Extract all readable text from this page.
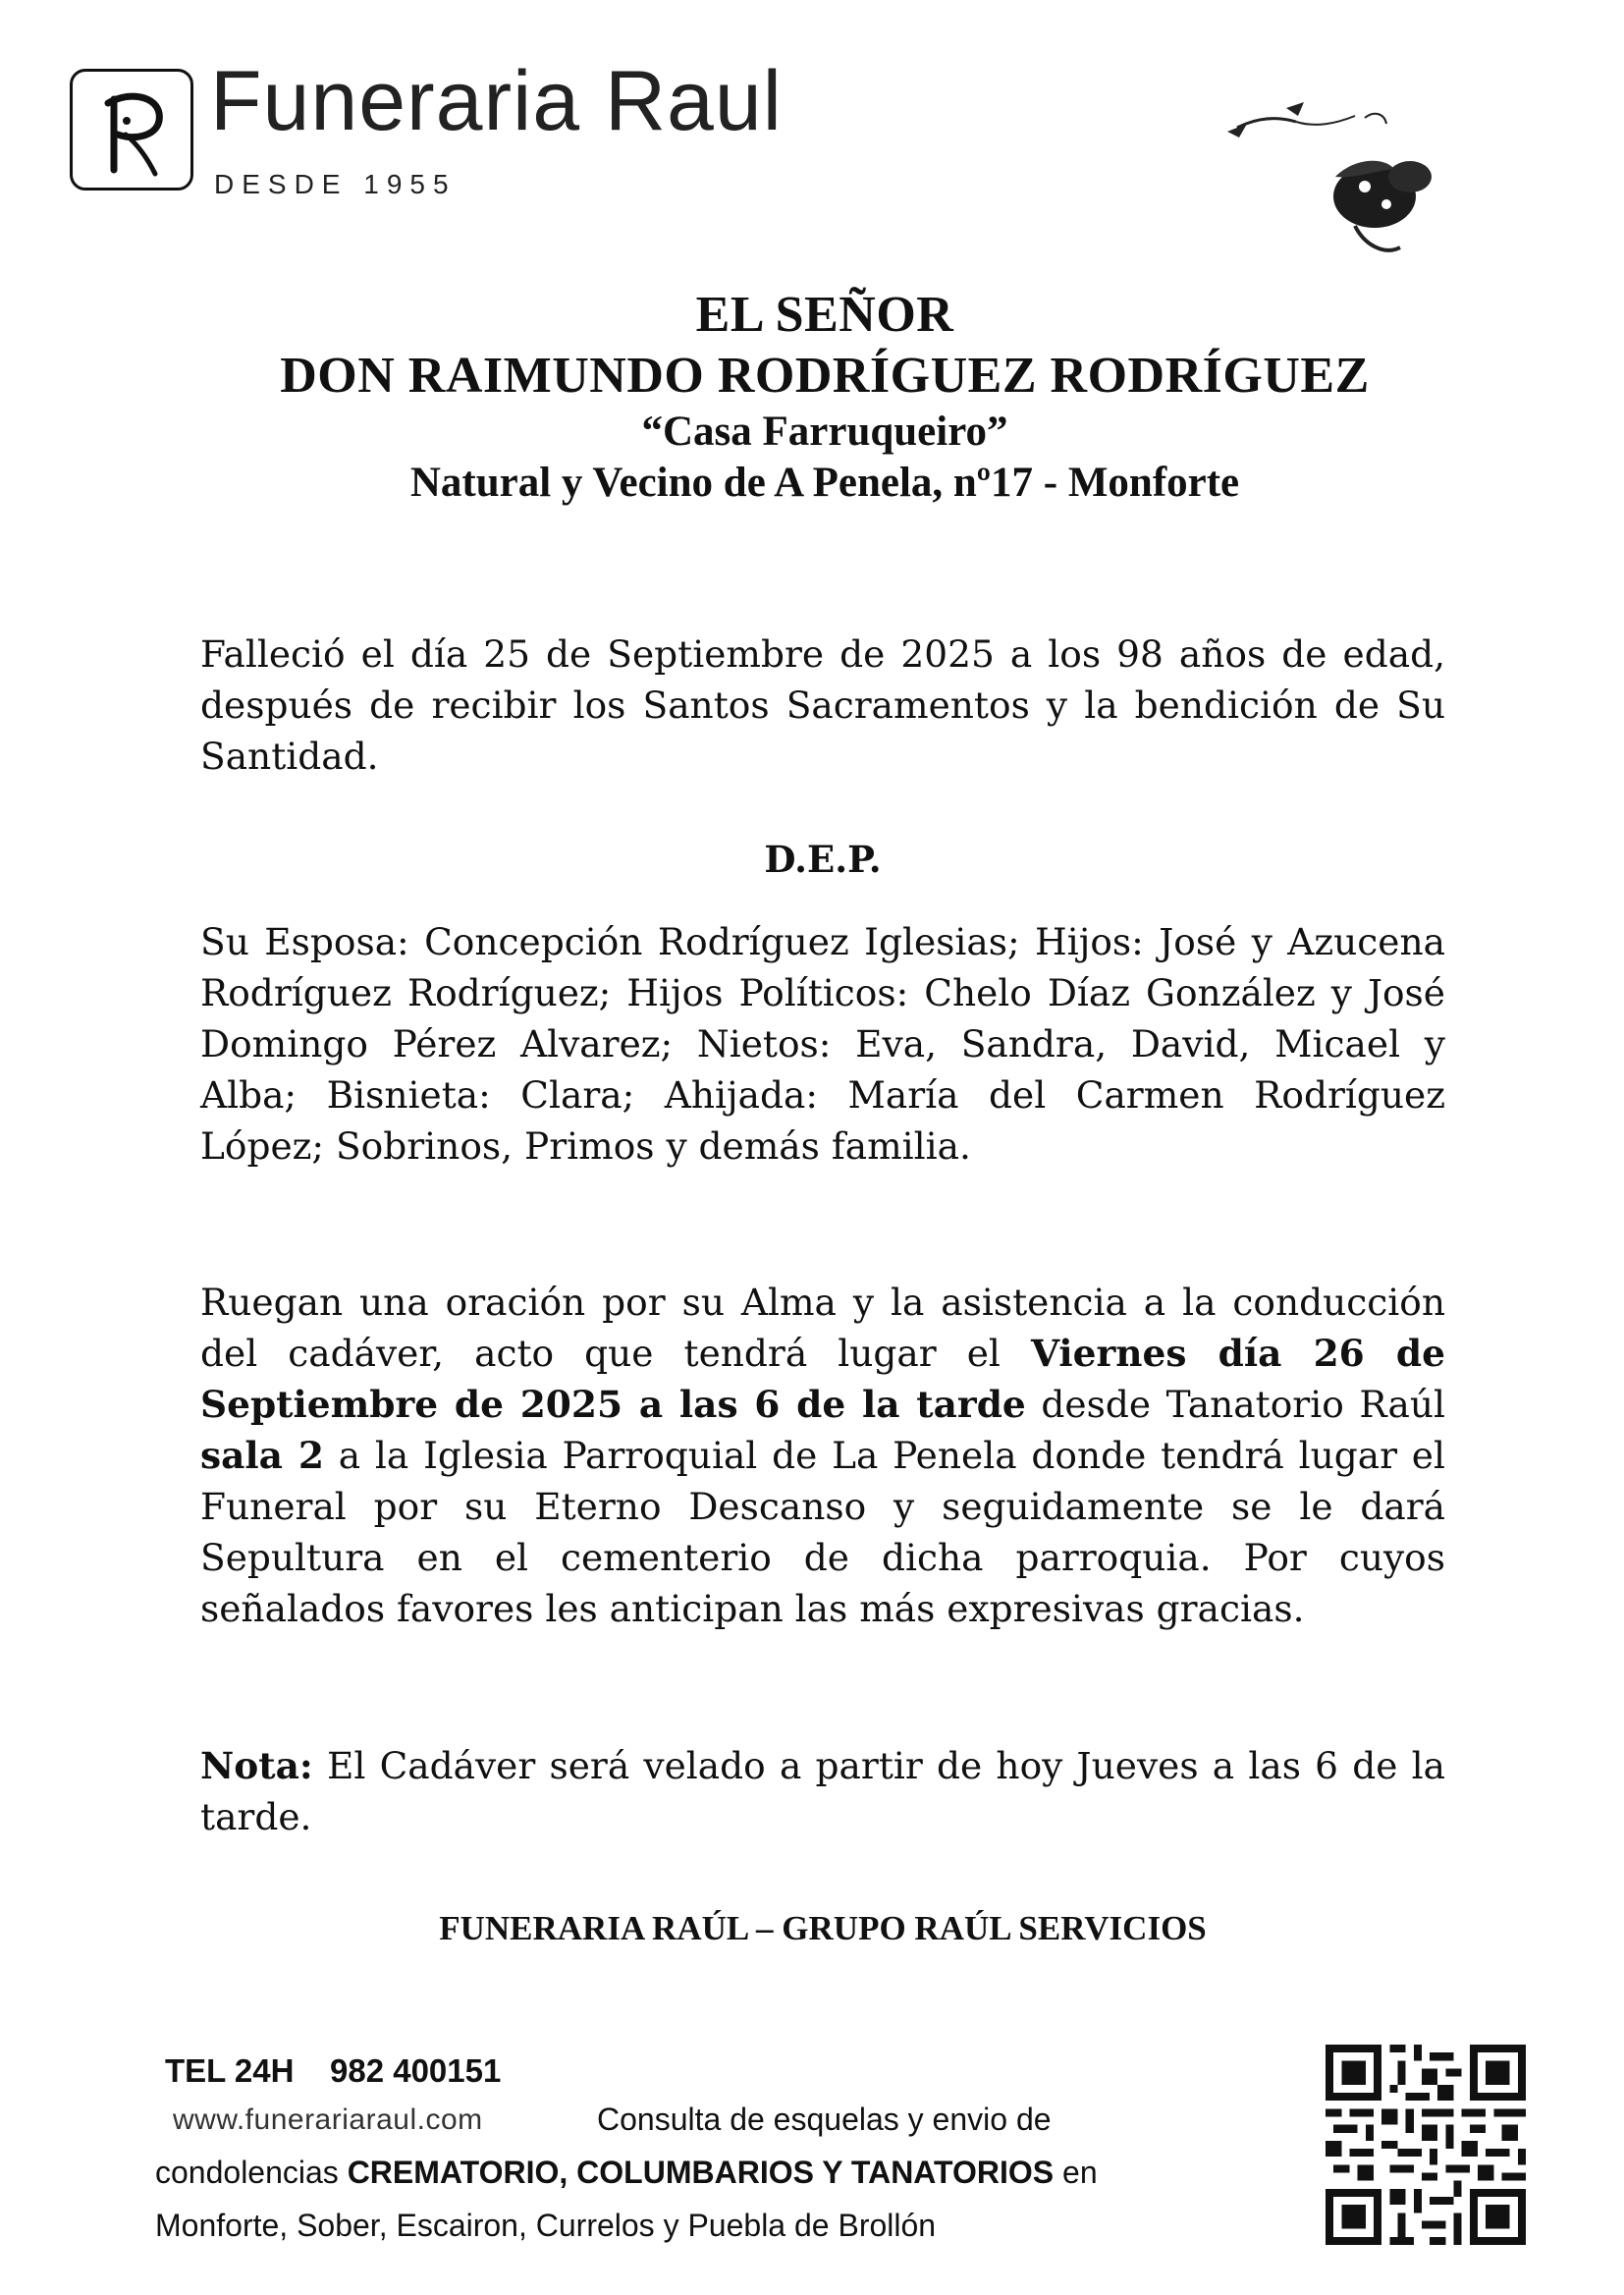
Funeraria Raul
DESDE 1955
EL SEÑOR
DON RAIMUNDO RODRÍGUEZ RODRÍGUEZ
“Casa Farruqueiro”
Natural y Vecino de A Penela, nº17 - Monforte
Falleció el día 25 de Septiembre de 2025 a los 98 años de edad, después de recibir los Santos Sacramentos y la bendición de Su Santidad.
D.E.P.
Su Esposa: Concepción Rodríguez Iglesias; Hijos: José y Azucena Rodríguez Rodríguez; Hijos Políticos: Chelo Díaz González y José Domingo Pérez Alvarez; Nietos: Eva, Sandra, David, Micael y Alba; Bisnieta: Clara; Ahijada: María del Carmen Rodríguez López; Sobrinos, Primos y demás familia.
Ruegan una oración por su Alma y la asistencia a la conducción del cadáver, acto que tendrá lugar el Viernes día 26 de Septiembre de 2025 a las 6 de la tarde desde Tanatorio Raúl sala 2 a la Iglesia Parroquial de La Penela donde tendrá lugar el Funeral por su Eterno Descanso y seguidamente se le dará Sepultura en el cementerio de dicha parroquia. Por cuyos señalados favores les anticipan las más expresivas gracias.
Nota: El Cadáver será velado a partir de hoy Jueves a las 6 de la tarde.
FUNERARIA RAÚL – GRUPO RAÚL SERVICIOS
TEL 24H 982 400151
www.funerariaraul.com	Consulta de esquelas y envio de
condolencias CREMATORIO, COLUMBARIOS Y TANATORIOS en
Monforte, Sober, Escairon, Currelos y Puebla de Brollón
